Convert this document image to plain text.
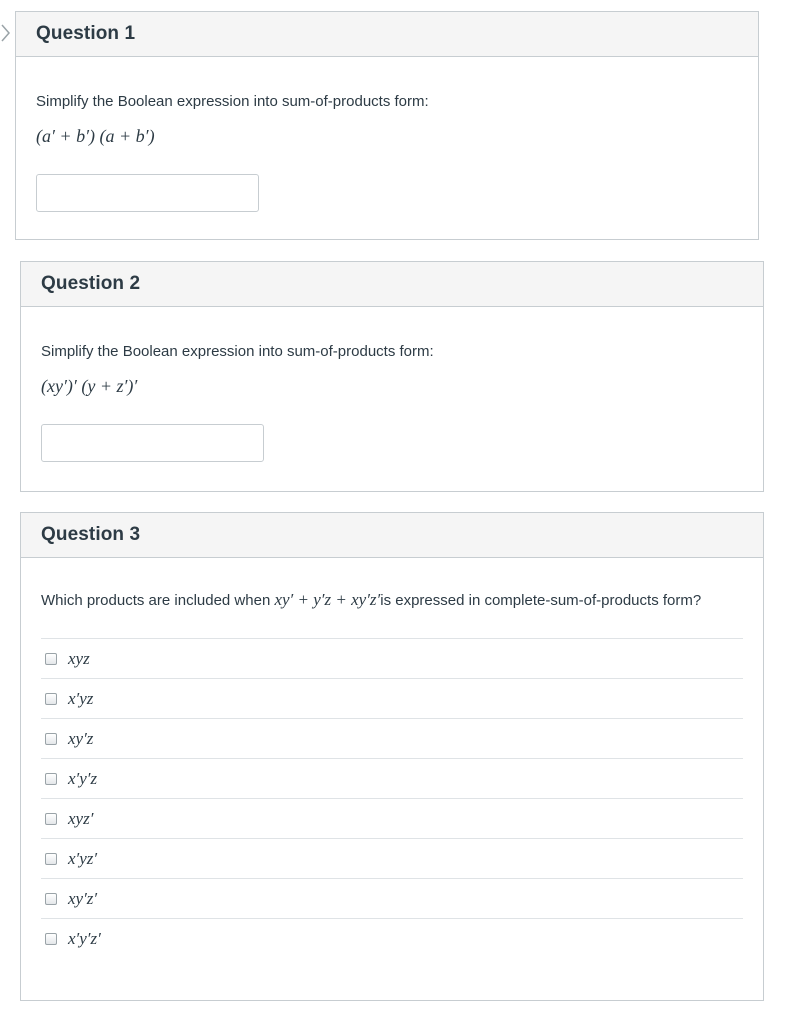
Question 1
Simplify the Boolean expression into sum-of-products form:
(a′ + b′) (a + b′)
Question 2
Simplify the Boolean expression into sum-of-products form:
(xy′)′ (y + z′)′
Question 3
Which products are included when xy′ + y′z + xy′z′is expressed in complete-sum-of-products form?
xyz
x′yz
xy′z
x′y′z
xyz′
x′yz′
xy′z′
x′y′z′
